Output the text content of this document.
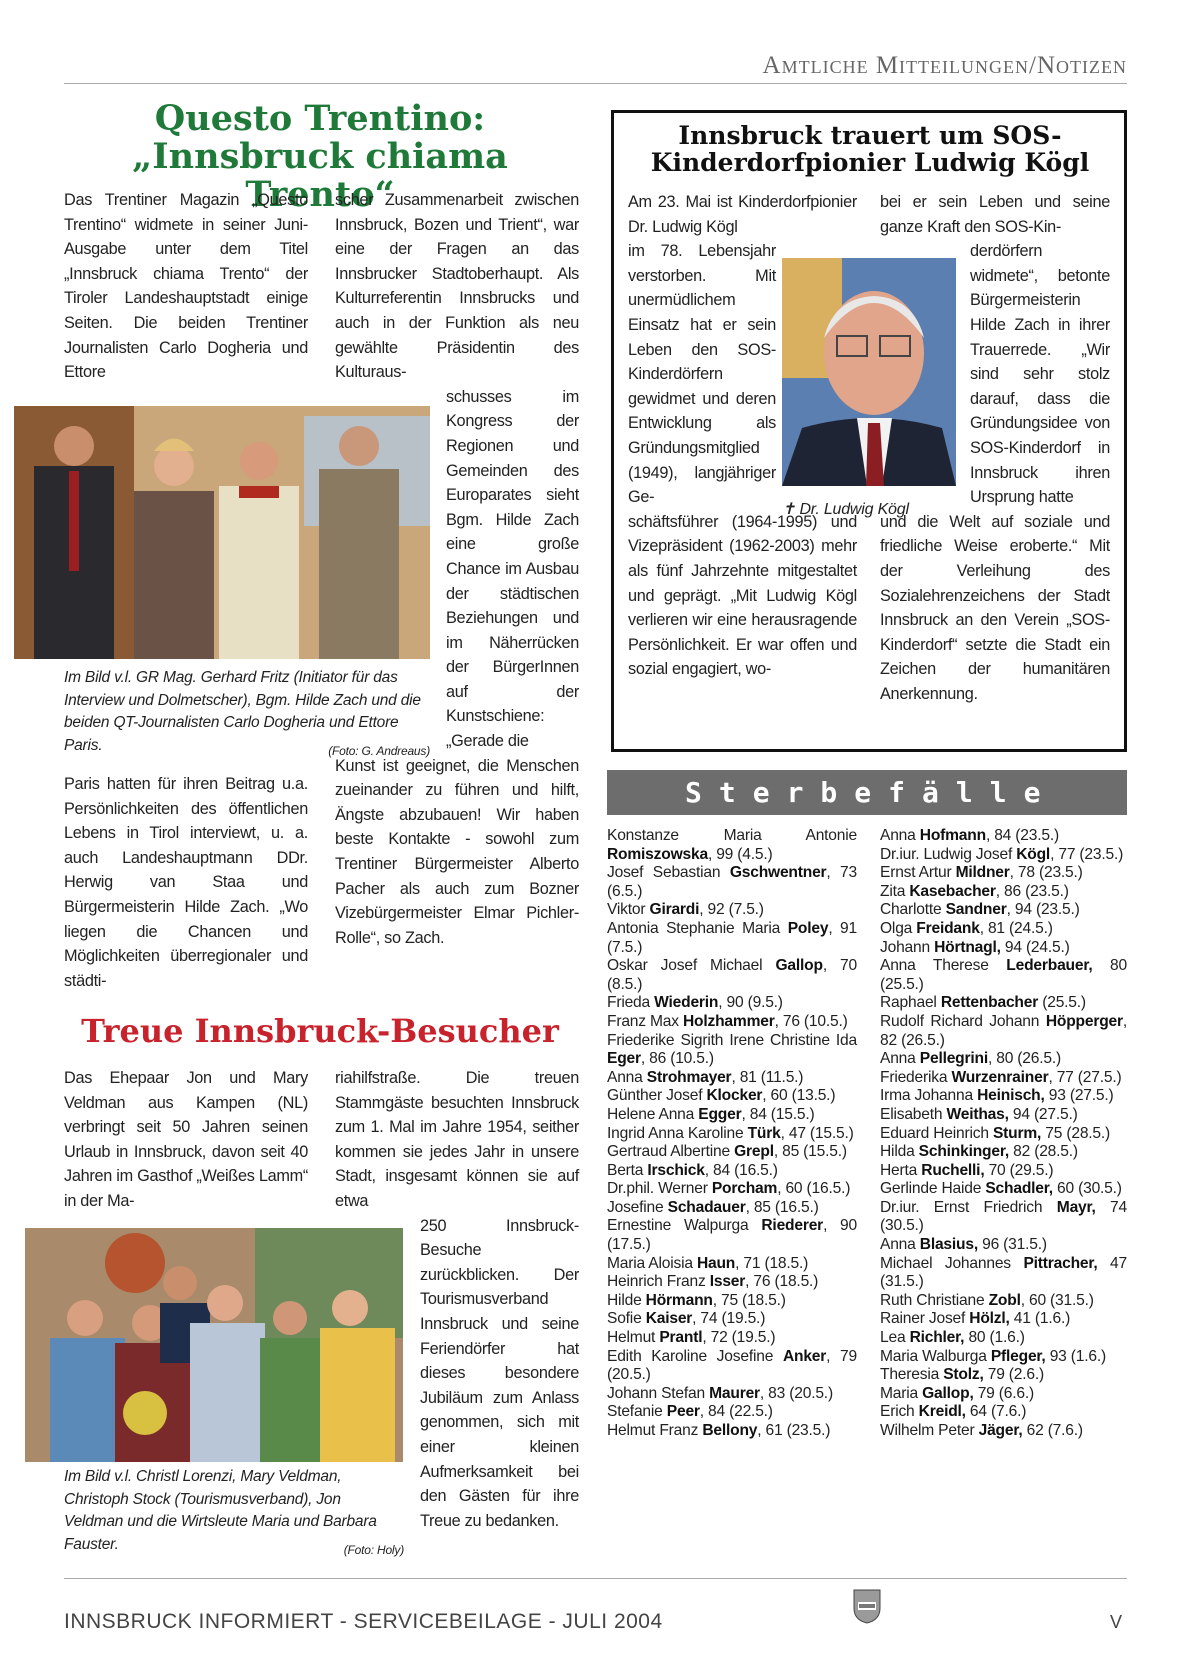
Amtliche Mitteilungen/Notizen
Questo Trentino:
„Innsbruck chiama Trento“
Das Trentiner Magazin „Questo Trentino“ widmete in seiner Juni-Ausgabe unter dem Titel „Innsbruck chiama Trento“ der Tiroler Landeshauptstadt einige Seiten. Die beiden Trentiner Journalisten Carlo Dogheria und Ettore
Im Bild v.l. GR Mag. Gerhard Fritz (Initiator für das Interview und Dolmetscher), Bgm. Hilde Zach und die beiden QT-Journalisten Carlo Dogheria und Ettore Paris.	(Foto: G. Andreaus)
Paris hatten für ihren Beitrag u.a. Persönlichkeiten des öffentlichen Lebens in Tirol interviewt, u. a. auch Landeshauptmann DDr. Herwig van Staa und Bürgermeisterin Hilde Zach. „Wo liegen die Chancen und Möglichkeiten überregionaler und städti-
scher Zusammenarbeit zwischen Innsbruck, Bozen und Trient“, war eine der Fragen an das Innsbrucker Stadtoberhaupt. Als Kulturreferentin Innsbrucks und auch in der Funktion als neu gewählte Präsidentin des Kulturaus-
schusses im Kongress der Regionen und Gemeinden des Europarates sieht Bgm. Hilde Zach eine große Chance im Ausbau der städtischen Beziehungen und im Näherrücken der BürgerInnen auf der Kunstschiene: „Gerade die
Kunst ist geeignet, die Menschen zueinander zu führen und hilft, Ängste abzubauen! Wir haben beste Kontakte - sowohl zum Trentiner Bürgermeister Alberto Pacher als auch zum Bozner Vizebürgermeister Elmar Pichler-Rolle“, so Zach.
Treue Innsbruck-Besucher
Das Ehepaar Jon und Mary Veldman aus Kampen (NL) verbringt seit 50 Jahren seinen Urlaub in Innsbruck, davon seit 40 Jahren im Gasthof „Weißes Lamm“ in der Ma-
riahilfstraße. Die treuen Stammgäste besuchten Innsbruck zum 1. Mal im Jahre 1954, seither kommen sie jedes Jahr in unsere Stadt, insgesamt können sie auf etwa
250 Innsbruck-Besuche zurückblicken. Der Tourismusverband Innsbruck und seine Feriendörfer hat dieses besondere Jubiläum zum Anlass genommen, sich mit einer kleinen Aufmerksamkeit bei den Gästen für ihre Treue zu bedanken.
Im Bild v.l. Christl Lorenzi, Mary Veldman, Christoph Stock (Tourismusverband), Jon Veldman und die Wirtsleute Maria und Barbara Fauster.	(Foto: Holy)
Innsbruck trauert um SOS-Kinderdorfpionier Ludwig Kögl
Am 23. Mai ist Kinderdorfpionier Dr. Ludwig Kögl
im 78. Lebensjahr verstorben. Mit unermüdlichem Einsatz hat er sein Leben den SOS-Kinderdörfern gewidmet und deren Entwicklung als Gründungsmitglied (1949), langjähriger Ge-
schäftsführer (1964-1995) und Vizepräsident (1962-2003) mehr als fünf Jahrzehnte mitgestaltet und geprägt. „Mit Ludwig Kögl verlieren wir eine herausragende Persönlichkeit. Er war offen und sozial engagiert, wo-
bei er sein Leben und seine ganze Kraft den SOS-Kin-
derdörfern widmete“, betonte Bürgermeisterin Hilde Zach in ihrer Trauerrede. „Wir sind sehr stolz darauf, dass die Gründungsidee von SOS-Kinderdorf in Innsbruck ihren Ursprung hatte
und die Welt auf soziale und friedliche Weise eroberte.“ Mit der Verleihung des Sozialehrenzeichens der Stadt Innsbruck an den Verein „SOS-Kinderdorf“ setzte die Stadt ein Zeichen der humanitären Anerkennung.
✝ Dr. Ludwig Kögl
Sterbefälle
Konstanze Maria Antonie Romiszowska, 99 (4.5.)
Josef Sebastian Gschwentner, 73 (6.5.)
Viktor Girardi, 92 (7.5.)
Antonia Stephanie Maria Poley, 91 (7.5.)
Oskar Josef Michael Gallop, 70 (8.5.)
Frieda Wiederin, 90 (9.5.)
Franz Max Holzhammer, 76 (10.5.)
Friederike Sigrith Irene Christine Ida Eger, 86 (10.5.)
Anna Strohmayer, 81 (11.5.)
Günther Josef Klocker, 60 (13.5.)
Helene Anna Egger, 84 (15.5.)
Ingrid Anna Karoline Türk, 47 (15.5.)
Gertraud Albertine Grepl, 85 (15.5.)
Berta Irschick, 84 (16.5.)
Dr.phil. Werner Porcham, 60 (16.5.)
Josefine Schadauer, 85 (16.5.)
Ernestine Walpurga Riederer, 90 (17.5.)
Maria Aloisia Haun, 71 (18.5.)
Heinrich Franz Isser, 76 (18.5.)
Hilde Hörmann, 75 (18.5.)
Sofie Kaiser, 74 (19.5.)
Helmut Prantl, 72 (19.5.)
Edith Karoline Josefine Anker, 79 (20.5.)
Johann Stefan Maurer, 83 (20.5.)
Stefanie Peer, 84 (22.5.)
Helmut Franz Bellony, 61 (23.5.)
Anna Hofmann, 84 (23.5.)
Dr.iur. Ludwig Josef Kögl, 77 (23.5.)
Ernst Artur Mildner, 78 (23.5.)
Zita Kasebacher, 86 (23.5.)
Charlotte Sandner, 94 (23.5.)
Olga Freidank, 81 (24.5.)
Johann Hörtnagl, 94 (24.5.)
Anna Therese Lederbauer, 80 (25.5.)
Raphael Rettenbacher (25.5.)
Rudolf Richard Johann Höpperger, 82 (26.5.)
Anna Pellegrini, 80 (26.5.)
Friederika Wurzenrainer, 77 (27.5.)
Irma Johanna Heinisch, 93 (27.5.)
Elisabeth Weithas, 94 (27.5.)
Eduard Heinrich Sturm, 75 (28.5.)
Hilda Schinkinger, 82 (28.5.)
Herta Ruchelli, 70 (29.5.)
Gerlinde Haide Schadler, 60 (30.5.)
Dr.iur. Ernst Friedrich Mayr, 74 (30.5.)
Anna Blasius, 96 (31.5.)
Michael Johannes Pittracher, 47 (31.5.)
Ruth Christiane Zobl, 60 (31.5.)
Rainer Josef Hölzl, 41 (1.6.)
Lea Richler, 80 (1.6.)
Maria Walburga Pfleger, 93 (1.6.)
Theresia Stolz, 79 (2.6.)
Maria Gallop, 79 (6.6.)
Erich Kreidl, 64 (7.6.)
Wilhelm Peter Jäger, 62 (7.6.)
INNSBRUCK INFORMIERT - SERVICEBEILAGE - JULI 2004	V
